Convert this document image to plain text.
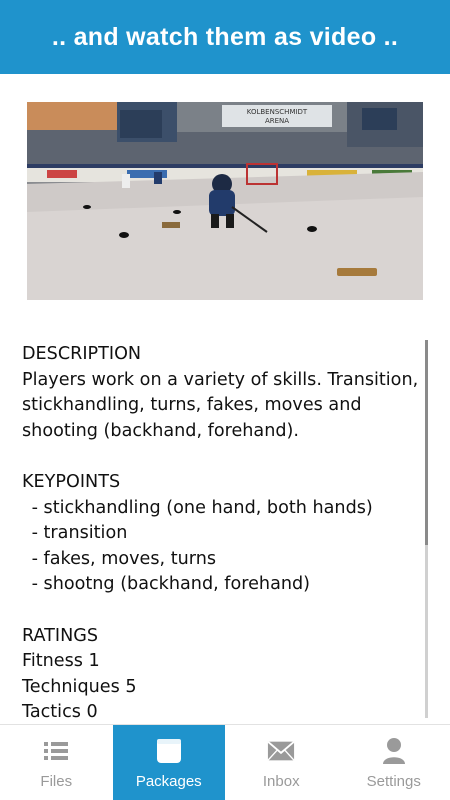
.. and watch them as video ..
KOLBENSCHMIDT
ARENA
DESCRIPTION
Players work on a variety of skills. Transition, stickhandling, turns, fakes, moves and shooting (backhand, forehand).
KEYPOINTS
- stickhandling (one hand, both hands)
- transition
- fakes, moves, turns
- shootng (backhand, forehand)
RATINGS
Fitness 1
Techniques 5
Tactics 0
Files	Packages	Inbox	Settings
